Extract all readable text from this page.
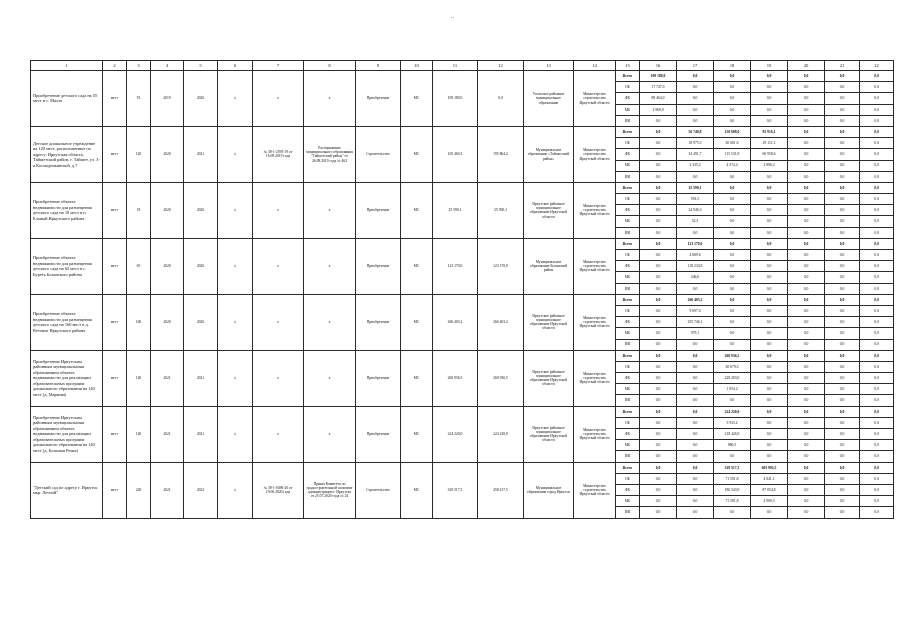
..
1	2	3	4	5	6	7	8	9	10	11	12	13	14	15	16	17	18	19	20	21	22
Приобретение детского сада на 55 мест в с. Малта	мест	55	2019	2020	х	х	х	Приобретение	МС	109 180,0	0,0	Усольское районное муниципальное образование	Министерство строительства Иркутской области	Всего	109 180,0	0,0	0,0	0,0	0,0	0,0	0,0
														ОБ	17 747,0	0,0	0,0	0,0	0,0	0,0	0,0
														ФБ	88 464,0	0,0	0,0	0,0	0,0	0,0	0,0
														МБ	2 969,0	0,0	0,0	0,0	0,0	0,0	0,0
														ИИ	0,0	0,0	0,0	0,0	0,0	0,0	0,0
Детское дошкольное учреждение на 120 мест, расположенное по адресу: Иркутская область, Тайшетский район, г. Тайшет, ул. 3-я Космодемьянской, д.7	мест	120	2020	2021	х	№ 38-1-2595-19 от 16.08.2019 года	Распоряжение муниципального образования "Тайшетский район" от 26.08.2019 года № 462	Строительство	МС	165 460,3	195 864,2	Муниципальное образование «Тайшетский район»	Министерство строительства Иркутской области	Всего	0,0	56 740,8	150 608,0	92 916,1	0,0	0,0	0,0
														ОБ	0,0	18 975,3	30 601,6	29 111,3	0,0	0,0	0,0
														ФБ	0,0	34 491,7	115 531,8	60 958,6	0,0	0,0	0,0
														МБ	0,0	2 335,2	4 574,4	2 896,2	0,0	0,0	0,0
														ИИ	0,0	0,0	0,0	0,0	0,0	0,0	0,0
Приобретение объекта недвижимости для размещения детского сада на 18 мест в п. Еловый Иркутского района	мест	18	2020	2020	х	х	х	Приобретение	МС	25 590,1	25 590,1	Иркутское районное муниципальное образование Иркутской области	Министерство строительства Иркутской области	Всего	0,0	25 590,1	0,0	0,0	0,0	0,0	0,0
														ОБ	0,0	591,5	0,0	0,0	0,0	0,0	0,0
														ФБ	0,0	24 946,3	0,0	0,0	0,0	0,0	0,0
														МБ	0,0	52,3	0,0	0,0	0,0	0,0	0,0
														ИИ	0,0	0,0	0,0	0,0	0,0	0,0	0,0
Приобретение объекта недвижимости для размещения детского сада на 65 мест в с. Буреть Боханского района	мест	65	2020	2020	х	х	х	Приобретение	МС	123 170,0	123 170,0	Муниципальное образование Боханский район	Министерство строительства Иркутской области	Всего	0,0	123 170,0	0,0	0,0	0,0	0,0	0,0
														ОБ	0,0	4 689,6	0,0	0,0	0,0	0,0	0,0
														ФБ	0,0	118 233,8	0,0	0,0	0,0	0,0	0,0
														МБ	0,0	246,6	0,0	0,0	0,0	0,0	0,0
														ИИ	0,0	0,0	0,0	0,0	0,0	0,0	0,0
Приобретение объекта недвижимости для размещения детского сада на 160 мест в д. Revenue Иркутского района	мест	160	2020	2020	х	х	х	Приобретение	МС	266 403,2	266 403,2	Иркутское районное муниципальное образование Иркутской области	Министерство строительства Иркутской области	Всего	0,0	266 403,2	0,0	0,0	0,0	0,0	0,0
														ОБ	0,0	9 697,0	0,0	0,0	0,0	0,0	0,0
														ФБ	0,0	255 746,1	0,0	0,0	0,0	0,0	0,0
														МБ	0,0	979,1	0,0	0,0	0,0	0,0	0,0
														ИИ	0,0	0,0	0,0	0,0	0,0	0,0	0,0
Приобретение Иркутским районным муниципальным образованием объекта недвижимости для реализации образовательных программ дошкольного образования на 140 мест (д. Маркова)	мест	140	2021	2021	х	х	х	Приобретение	МС	260 936,5	260 936,5	Иркутское районное муниципальное образование Иркутской области	Министерство строительства Иркутской области	Всего	0,0	0,0	260 936,5	0,0	0,0	0,0	0,0
														ОБ	0,0	0,0	30 679,3	0,0	0,0	0,0	0,0
														ФБ	0,0	0,0	229 203,0	0,0	0,0	0,0	0,0
														МБ	0,0	0,0	1 054,2	0,0	0,0	0,0	0,0
														ИИ	0,0	0,0	0,0	0,0	0,0	0,0	0,0
Приобретение Иркутским районным муниципальным образованием объекта недвижимости для реализации образовательных программ дошкольного образования на 140 мест (д. Большая Речка)	мест	140	2021	2021	х	х	х	Приобретение	МС	224 220,0	224 220,0	Иркутское районное муниципальное образование Иркутской области	Министерство строительства Иркутской области	Всего	0,0	0,0	224 220,0	0,0	0,0	0,0	0,0
														ОБ	0,0	0,0	5 933,2	0,0	0,0	0,0	0,0
														ФБ	0,0	0,0	218 426,9	0,0	0,0	0,0	0,0
														МБ	0,0	0,0	860,5	0,0	0,0	0,0	0,0
														ИИ	0,0	0,0	0,0	0,0	0,0	0,0	0,0
"Детский сад по адресу г. Иркутск мкр. Лесной"	мест	220	2021	2022	х	№ 38-1-0496-20 от 19.06.2020 года	Приказ Комитета по градостроительной политике администрации г. Иркутска от 25.07.2020 года № 24	Строительство	МС	329 517,5	458 417,5	Муниципальное образование город Иркутск	Министерство строительства Иркутской области	Всего	0,0	0,0	329 517,5	603 992,5	0,0	0,0	0,0
														ОБ	0,0	0,0	71 591,8	4 041,1	0,0	0,0	0,0
														ФБ	0,0	0,0	186 543,9	87 054,8	0,0	0,0	0,0
														МБ	0,0	0,0	71 581,8	2 900,3	0,0	0,0	0,0
														ИИ	0,0	0,0	0,0	0,0	0,0	0,0	0,0
